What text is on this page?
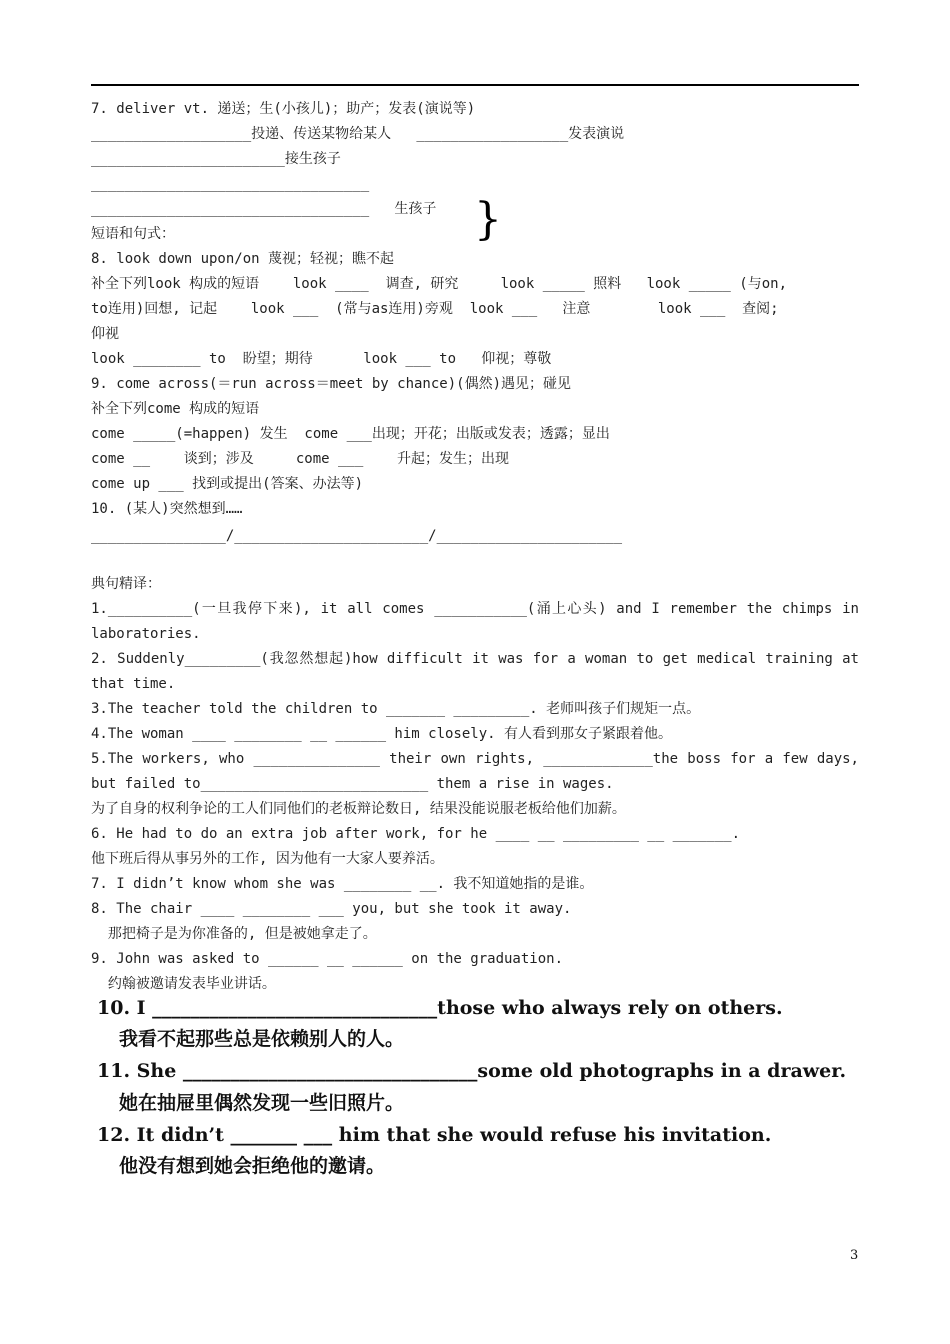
7. deliver vt. 递送；生(小孩儿)；助产；发表(演说等)
___________________投递、传送某物给某人   __________________发表演说
_______________________接生孩子
_________________________________
_________________________________   生孩子 }
短语和句式：
8. look down upon/on 蔑视；轻视；瞧不起
补全下列look 构成的短语    look ____  调查, 研究     look _____ 照料   look _____ (与on,
to连用)回想, 记起    look ___  (常与as连用)旁观  look ___   注意        look ___  查阅;
仰视
look ________ to  盼望；期待      look ___ to   仰视；尊敬
9. come across(＝run across＝meet by chance)(偶然)遇见；碰见
补全下列come 构成的短语
come _____(=happen) 发生  come ___出现；开花；出版或发表；透露；显出
come __    谈到；涉及     come ___    升起；发生；出现
come up ___ 找到或提出(答案、办法等)
10. (某人)突然想到……
________________/_______________________/______________________
典句精译：
1.__________(一旦我停下来), it all comes ___________(涌上心头) and I remember the chimps in
laboratories.
2. Suddenly_________(我忽然想起)how difficult it was for a woman to get medical training at
that time.
3.The teacher told the children to _______ _________. 老师叫孩子们规矩一点。
4.The woman ____ ________ __ ______ him closely. 有人看到那女子紧跟着他。
5.The workers, who _______________ their own rights, _____________the boss for a few days,
but failed to___________________________ them a rise in wages.
为了自身的权利争论的工人们同他们的老板辩论数日, 结果没能说服老板给他们加薪。
6. He had to do an extra job after work, for he ____ __ _________ __ _______.
他下班后得从事另外的工作, 因为他有一大家人要养活。
7. I didn’t know whom she was ________ __. 我不知道她指的是谁。
8. The chair ____ ________ ___ you, but she took it away.
那把椅子是为你准备的, 但是被她拿走了。
9. John was asked to ______ __ ______ on the graduation.
约翰被邀请发表毕业讲话。
10. I ______________________________those who always rely on others.
我看不起那些总是依赖别人的人。
11. She _______________________________some old photographs in a drawer.
她在抽屉里偶然发现一些旧照片。
12. It didn’t _______ ___ him that she would refuse his invitation.
他没有想到她会拒绝他的邀请。
3
